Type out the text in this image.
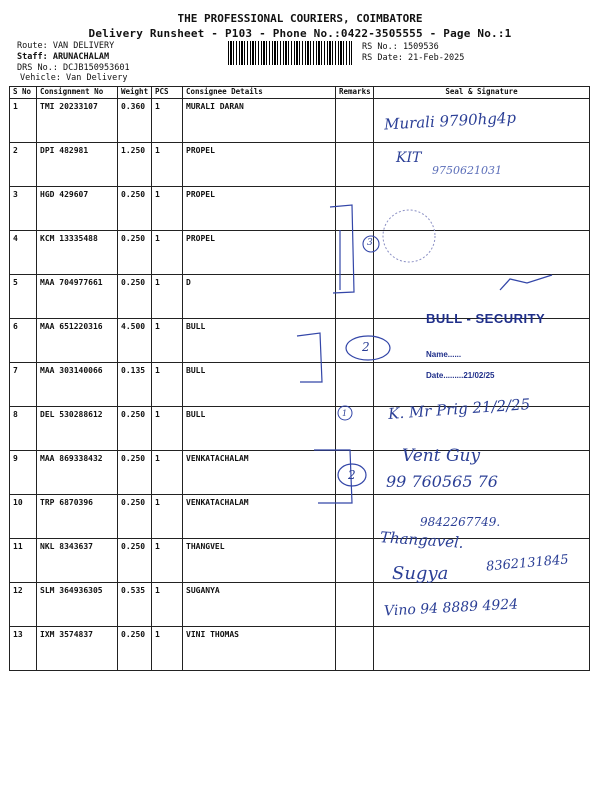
THE PROFESSIONAL COURIERS, COIMBATORE
Delivery Runsheet - P103 - Phone No.:0422-3505555 - Page No.:1
Route: VAN DELIVERY
Staff: ARUNACHALAM
DRS No.: DCJB150953601
Vehicle: Van Delivery
RS No.: 1509536
RS Date: 21-Feb-2025
S No	Consignment No	Weight	PCS	Consignee Details	Remarks	Seal & Signature
1	TMI 20233107	0.360	1	MURALI DARAN		
2	DPI 482981	1.250	1	PROPEL		
3	HGD 429607	0.250	1	PROPEL		
4	KCM 13335488	0.250	1	PROPEL		
5	MAA 704977661	0.250	1	D		
6	MAA 651220316	4.500	1	BULL		
7	MAA 303140066	0.135	1	BULL		
8	DEL 530288612	0.250	1	BULL		
9	MAA 869338432	0.250	1	VENKATACHALAM		
10	TRP 6870396	0.250	1	VENKATACHALAM		
11	NKL 8343637	0.250	1	THANGVEL		
12	SLM 364936305	0.535	1	SUGANYA		
13	IXM 3574837	0.250	1	VINI THOMAS		
Murali 9790hg4p
KIT
9750621031
3
BULL - SECURITY
Name......
Date.........21/02/25
2
K. Mr Prig 21/2/25
1
Vent Guy
2 99 760565 76
9842267749.
Thangavel.
8362131845
Sugya
Vino 94 8889 4924
